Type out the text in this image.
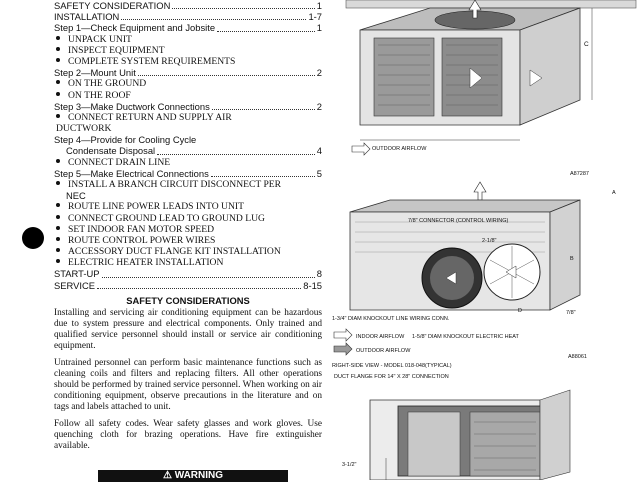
SAFETY CONSIDERATION	1
INSTALLATION	1-7
Step 1—Check Equipment and Jobsite	1
UNPACK UNIT
INSPECT EQUIPMENT
COMPLETE SYSTEM REQUIREMENTS
Step 2—Mount Unit	2
ON THE GROUND
ON THE ROOF
Step 3—Make Ductwork Connections	2
CONNECT RETURN AND SUPPLY AIR
DUCTWORK
Step 4—Provide for Cooling Cycle
Condensate Disposal	4
CONNECT DRAIN LINE
Step 5—Make Electrical Connections	5
INSTALL A BRANCH CIRCUIT DISCONNECT PER
NEC
ROUTE LINE POWER LEADS INTO UNIT
CONNECT GROUND LEAD TO GROUND LUG
SET INDOOR FAN MOTOR SPEED
ROUTE CONTROL POWER WIRES
ACCESSORY DUCT FLANGE KIT INSTALLATION
ELECTRIC HEATER INSTALLATION
START-UP	8
SERVICE	8-15
SAFETY CONSIDERATIONS

Installing and servicing air conditioning equipment can be hazardous due to system pressure and electrical components. Only trained and qualified service personnel should install or service air conditioning equipment.

Untrained personnel can perform basic maintenance functions such as cleaning coils and filters and replacing filters. All other operations should be performed by trained service personnel. When working on air conditioning equipment, observe precautions in the literature and on tags and labels attached to unit.

Follow all safety codes. Wear safety glasses and work gloves. Use quenching cloth for brazing operations. Have fire extinguisher available.

⚠ WARNING
C
OUTDOOR AIRFLOW
A87287
7/8" CONNECTOR (CONTROL WIRING)
2-1/8"
A
B
D	7/8"
1-3/4" DIAM KNOCKOUT LINE WIRING CONN.
INDOOR AIRFLOW 1-5/8" DIAM KNOCKOUT ELECTRIC HEAT
OUTDOOR AIRFLOW
A88061
RIGHT-SIDE VIEW - MODEL 018-048(TYPICAL)
DUCT FLANGE FOR 14" X 28" CONNECTION
3-1/2"
